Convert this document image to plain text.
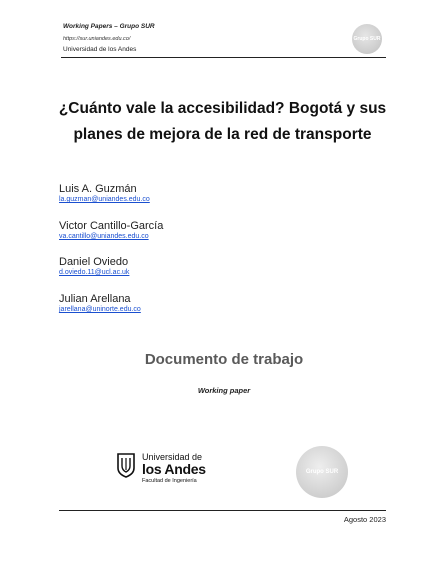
Working Papers – Grupo SUR
https://sur.uniandes.edu.co/
Universidad de los Andes
Grupo SUR
¿Cuánto vale la accesibilidad? Bogotá y sus
planes de mejora de la red de transporte
Luis A. Guzmán
la.guzman@uniandes.edu.co
Victor Cantillo-García
va.cantillo@uniandes.edu.co
Daniel Oviedo
d.oviedo.11@ucl.ac.uk
Julian Arellana
jarellana@uninorte.edu.co
Documento de trabajo
Working paper
Universidad de
los Andes
Facultad de Ingeniería
Grupo SUR
Agosto 2023
